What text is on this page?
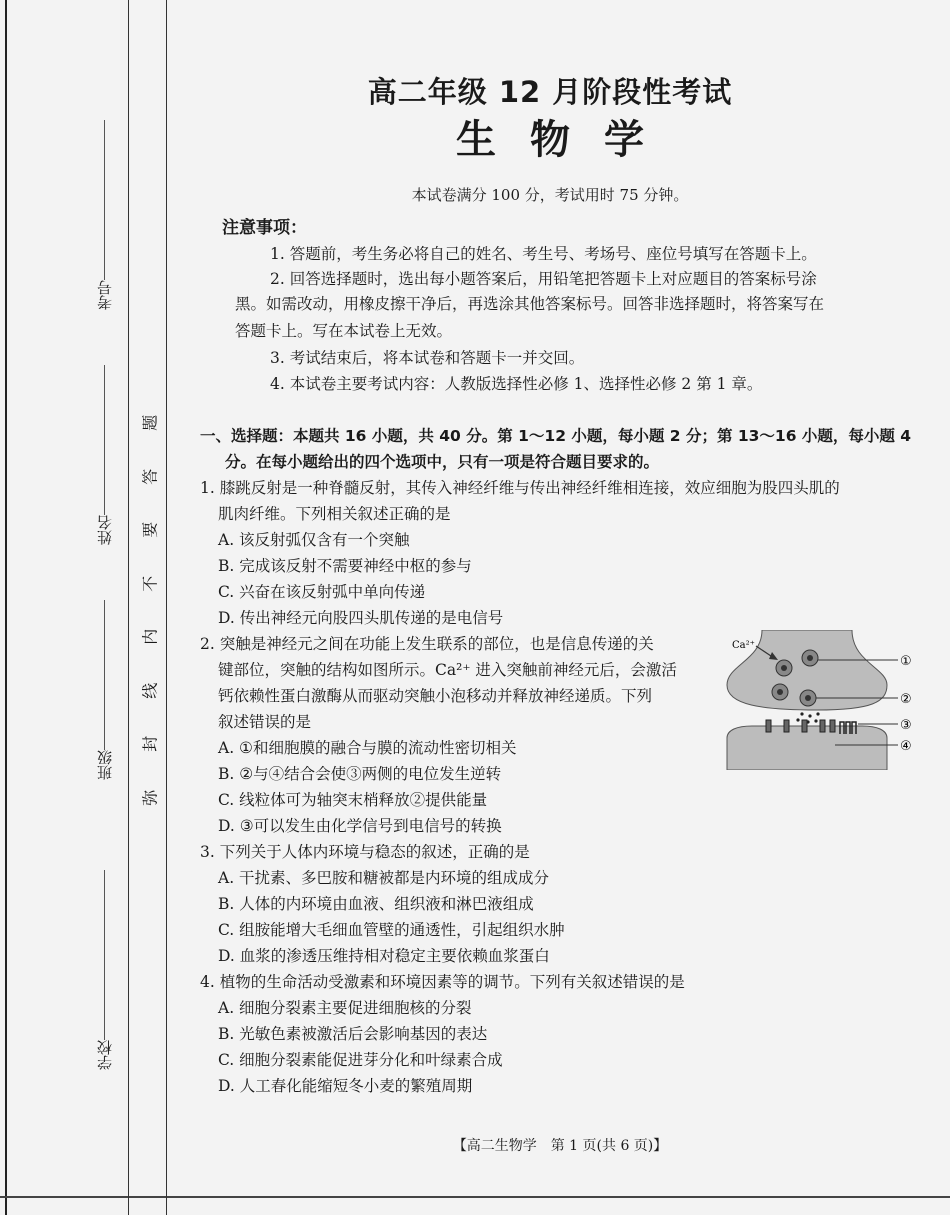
考号
姓名
班级
学校
题
答
要
不
内
线
封
弥
高二年级 12 月阶段性考试
生物学
本试卷满分 100 分，考试用时 75 分钟。
注意事项：
1. 答题前，考生务必将自己的姓名、考生号、考场号、座位号填写在答题卡上。
2. 回答选择题时，选出每小题答案后，用铅笔把答题卡上对应题目的答案标号涂
黑。如需改动，用橡皮擦干净后，再选涂其他答案标号。回答非选择题时，将答案写在
答题卡上。写在本试卷上无效。
3. 考试结束后，将本试卷和答题卡一并交回。
4. 本试卷主要考试内容：人教版选择性必修 1、选择性必修 2 第 1 章。
一、选择题：本题共 16 小题，共 40 分。第 1～12 小题，每小题 2 分；第 13～16 小题，每小题 4
分。在每小题给出的四个选项中，只有一项是符合题目要求的。
1. 膝跳反射是一种脊髓反射，其传入神经纤维与传出神经纤维相连接，效应细胞为股四头肌的
肌肉纤维。下列相关叙述正确的是
A. 该反射弧仅含有一个突触
B. 完成该反射不需要神经中枢的参与
C. 兴奋在该反射弧中单向传递
D. 传出神经元向股四头肌传递的是电信号
2. 突触是神经元之间在功能上发生联系的部位，也是信息传递的关
键部位，突触的结构如图所示。Ca²⁺ 进入突触前神经元后，会激活
钙依赖性蛋白激酶从而驱动突触小泡移动并释放神经递质。下列
叙述错误的是
A. ①和细胞膜的融合与膜的流动性密切相关
B. ②与④结合会使③两侧的电位发生逆转
C. 线粒体可为轴突末梢释放②提供能量
D. ③可以发生由化学信号到电信号的转换
Ca²⁺
①
②
③
④
3. 下列关于人体内环境与稳态的叙述，正确的是
A. 干扰素、多巴胺和糖被都是内环境的组成成分
B. 人体的内环境由血液、组织液和淋巴液组成
C. 组胺能增大毛细血管壁的通透性，引起组织水肿
D. 血浆的渗透压维持相对稳定主要依赖血浆蛋白
4. 植物的生命活动受激素和环境因素等的调节。下列有关叙述错误的是
A. 细胞分裂素主要促进细胞核的分裂
B. 光敏色素被激活后会影响基因的表达
C. 细胞分裂素能促进芽分化和叶绿素合成
D. 人工春化能缩短冬小麦的繁殖周期
【高二生物学　第 1 页(共 6 页)】
